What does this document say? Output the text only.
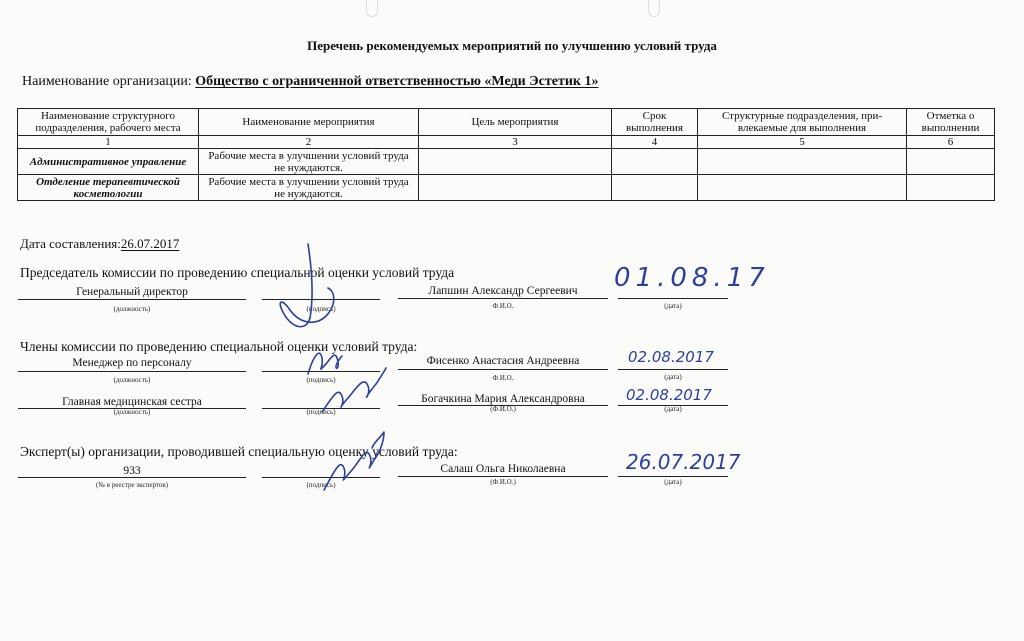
Перечень рекомендуемых мероприятий по улучшению условий труда
Наименование организации: Общество с ограниченной ответственностью «Меди Эстетик 1»
Наименование структурного подразделения, рабочего места	Наименование мероприятия	Цель мероприятия	Срок выполнения	Структурные подразделения, при-влекаемые для выполнения	Отметка о выполнении
1	2	3	4	5	6
Административное управление	Рабочие места в улучшении условий труда не нуждаются.				
Отделение терапевтической косметологии	Рабочие места в улучшении условий труда не нуждаются.				
Дата составления:26.07.2017
Председатель комиссии по проведению специальной оценки условий труда
Генеральный директор
(должность)	(подпись)
Лапшин Александр Сергеевич
Ф.И.О.	(дата)
01.08.17
Члены комиссии по проведению специальной оценки условий труда:
Менеджер по персоналу
(должность)	(подпись)
Фисенко Анастасия Андреевна
Ф.И.О.	(дата)
02.08.2017
Главная медицинская сестра
(должность)	(подпись)
Богачкина Мария Александровна
(Ф.И.О.)	(дата)
02.08.2017
Эксперт(ы) организации, проводившей специальную оценку условий труда:
933
(№ в реестре экспертов)	(подпись)
Салаш Ольга Николаевна
(Ф.И.О.)	(дата)
26.07.2017
